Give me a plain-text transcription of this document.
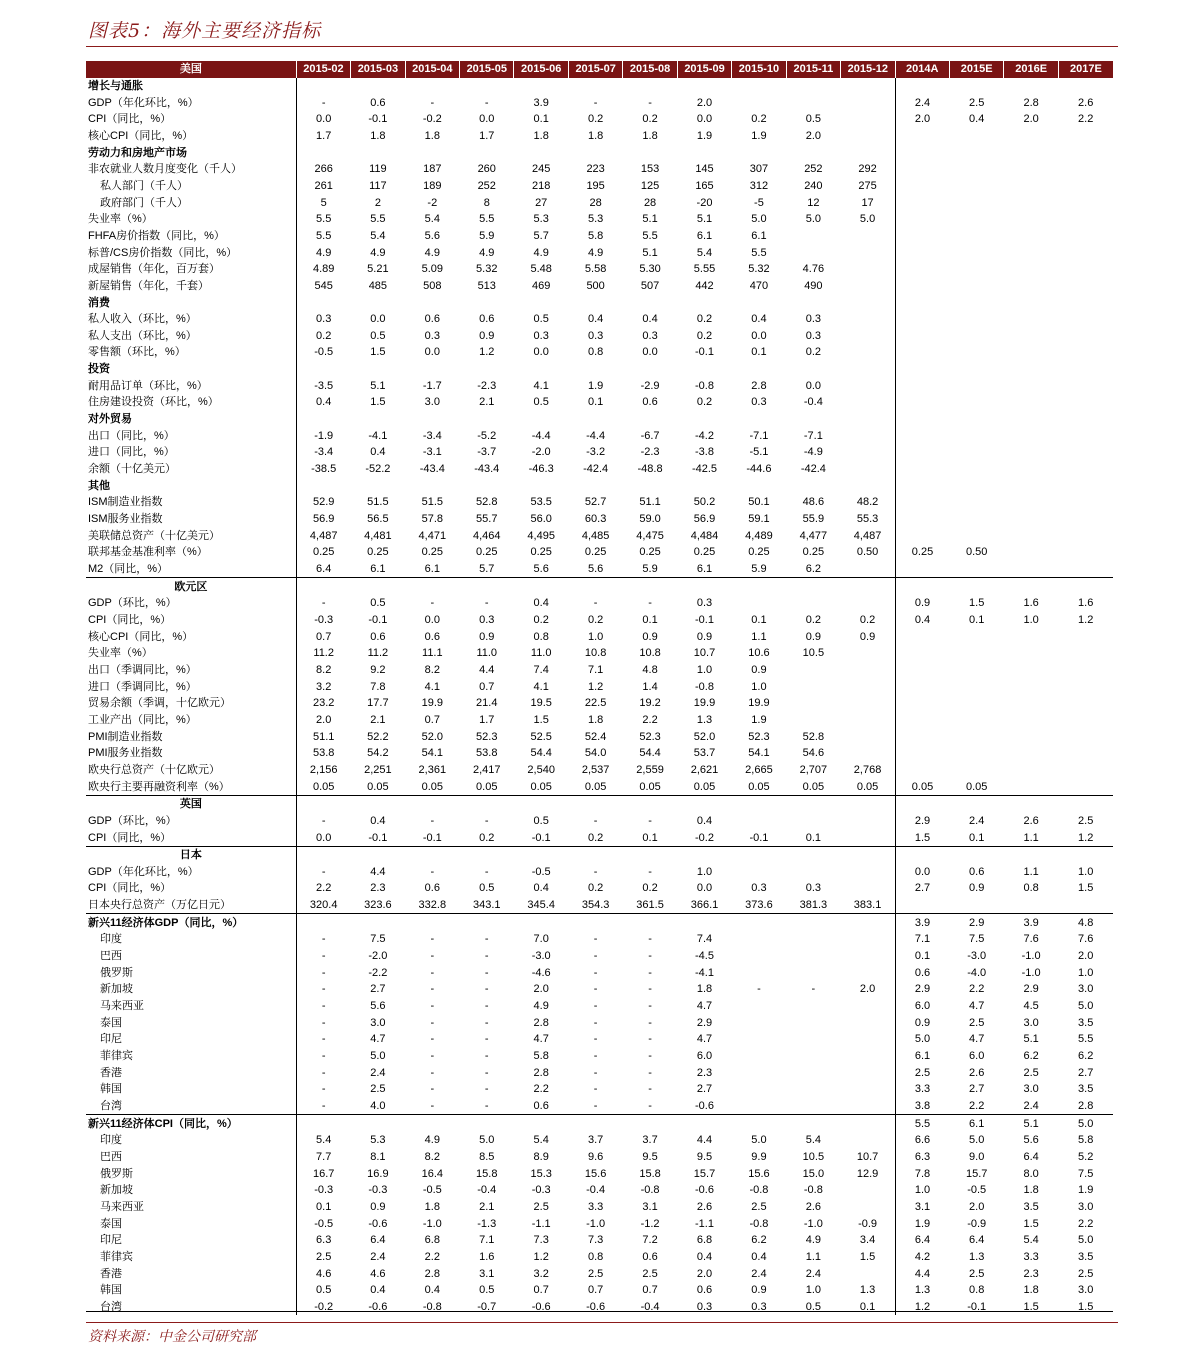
图表5：海外主要经济指标
美国	2015-02	2015-03	2015-04	2015-05	2015-06	2015-07	2015-08	2015-09	2015-10	2015-11	2015-12	2014A	2015E	2016E	2017E
增长与通胀															
GDP（年化环比，%）	-	0.6	-	-	3.9	-	-	2.0				2.4	2.5	2.8	2.6
CPI（同比，%）	0.0	-0.1	-0.2	0.0	0.1	0.2	0.2	0.0	0.2	0.5		2.0	0.4	2.0	2.2
核心CPI（同比，%）	1.7	1.8	1.8	1.7	1.8	1.8	1.8	1.9	1.9	2.0					
劳动力和房地产市场															
非农就业人数月度变化（千人）	266	119	187	260	245	223	153	145	307	252	292				
私人部门（千人）	261	117	189	252	218	195	125	165	312	240	275				
政府部门（千人）	5	2	-2	8	27	28	28	-20	-5	12	17				
失业率（%）	5.5	5.5	5.4	5.5	5.3	5.3	5.1	5.1	5.0	5.0	5.0				
FHFA房价指数（同比，%）	5.5	5.4	5.6	5.9	5.7	5.8	5.5	6.1	6.1						
标普/CS房价指数（同比，%）	4.9	4.9	4.9	4.9	4.9	4.9	5.1	5.4	5.5						
成屋销售（年化，百万套）	4.89	5.21	5.09	5.32	5.48	5.58	5.30	5.55	5.32	4.76					
新屋销售（年化，千套）	545	485	508	513	469	500	507	442	470	490					
消费															
私人收入（环比，%）	0.3	0.0	0.6	0.6	0.5	0.4	0.4	0.2	0.4	0.3					
私人支出（环比，%）	0.2	0.5	0.3	0.9	0.3	0.3	0.3	0.2	0.0	0.3					
零售额（环比，%）	-0.5	1.5	0.0	1.2	0.0	0.8	0.0	-0.1	0.1	0.2					
投资															
耐用品订单（环比，%）	-3.5	5.1	-1.7	-2.3	4.1	1.9	-2.9	-0.8	2.8	0.0					
住房建设投资（环比，%）	0.4	1.5	3.0	2.1	0.5	0.1	0.6	0.2	0.3	-0.4					
对外贸易															
出口（同比，%）	-1.9	-4.1	-3.4	-5.2	-4.4	-4.4	-6.7	-4.2	-7.1	-7.1					
进口（同比，%）	-3.4	0.4	-3.1	-3.7	-2.0	-3.2	-2.3	-3.8	-5.1	-4.9					
余额（十亿美元）	-38.5	-52.2	-43.4	-43.4	-46.3	-42.4	-48.8	-42.5	-44.6	-42.4					
其他															
ISM制造业指数	52.9	51.5	51.5	52.8	53.5	52.7	51.1	50.2	50.1	48.6	48.2				
ISM服务业指数	56.9	56.5	57.8	55.7	56.0	60.3	59.0	56.9	59.1	55.9	55.3				
美联储总资产（十亿美元）	4,487	4,481	4,471	4,464	4,495	4,485	4,475	4,484	4,489	4,477	4,487				
联邦基金基准利率（%）	0.25	0.25	0.25	0.25	0.25	0.25	0.25	0.25	0.25	0.25	0.50	0.25	0.50		
M2（同比，%）	6.4	6.1	6.1	5.7	5.6	5.6	5.9	6.1	5.9	6.2					
欧元区															
GDP（环比，%）	-	0.5	-	-	0.4	-	-	0.3				0.9	1.5	1.6	1.6
CPI（同比，%）	-0.3	-0.1	0.0	0.3	0.2	0.2	0.1	-0.1	0.1	0.2	0.2	0.4	0.1	1.0	1.2
核心CPI（同比，%）	0.7	0.6	0.6	0.9	0.8	1.0	0.9	0.9	1.1	0.9	0.9				
失业率（%）	11.2	11.2	11.1	11.0	11.0	10.8	10.8	10.7	10.6	10.5					
出口（季调同比，%）	8.2	9.2	8.2	4.4	7.4	7.1	4.8	1.0	0.9						
进口（季调同比，%）	3.2	7.8	4.1	0.7	4.1	1.2	1.4	-0.8	1.0						
贸易余额（季调，十亿欧元）	23.2	17.7	19.9	21.4	19.5	22.5	19.2	19.9	19.9						
工业产出（同比，%）	2.0	2.1	0.7	1.7	1.5	1.8	2.2	1.3	1.9						
PMI制造业指数	51.1	52.2	52.0	52.3	52.5	52.4	52.3	52.0	52.3	52.8					
PMI服务业指数	53.8	54.2	54.1	53.8	54.4	54.0	54.4	53.7	54.1	54.6					
欧央行总资产（十亿欧元）	2,156	2,251	2,361	2,417	2,540	2,537	2,559	2,621	2,665	2,707	2,768				
欧央行主要再融资利率（%）	0.05	0.05	0.05	0.05	0.05	0.05	0.05	0.05	0.05	0.05	0.05	0.05	0.05		
英国															
GDP（环比，%）	-	0.4	-	-	0.5	-	-	0.4				2.9	2.4	2.6	2.5
CPI（同比，%）	0.0	-0.1	-0.1	0.2	-0.1	0.2	0.1	-0.2	-0.1	0.1		1.5	0.1	1.1	1.2
日本															
GDP（年化环比，%）	-	4.4	-	-	-0.5	-	-	1.0				0.0	0.6	1.1	1.0
CPI（同比，%）	2.2	2.3	0.6	0.5	0.4	0.2	0.2	0.0	0.3	0.3		2.7	0.9	0.8	1.5
日本央行总资产（万亿日元）	320.4	323.6	332.8	343.1	345.4	354.3	361.5	366.1	373.6	381.3	383.1				
新兴11经济体GDP（同比，%）												3.9	2.9	3.9	4.8
印度	-	7.5	-	-	7.0	-	-	7.4				7.1	7.5	7.6	7.6
巴西	-	-2.0	-	-	-3.0	-	-	-4.5				0.1	-3.0	-1.0	2.0
俄罗斯	-	-2.2	-	-	-4.6	-	-	-4.1				0.6	-4.0	-1.0	1.0
新加坡	-	2.7	-	-	2.0	-	-	1.8	-	-	2.0	2.9	2.2	2.9	3.0
马来西亚	-	5.6	-	-	4.9	-	-	4.7				6.0	4.7	4.5	5.0
泰国	-	3.0	-	-	2.8	-	-	2.9				0.9	2.5	3.0	3.5
印尼	-	4.7	-	-	4.7	-	-	4.7				5.0	4.7	5.1	5.5
菲律宾	-	5.0	-	-	5.8	-	-	6.0				6.1	6.0	6.2	6.2
香港	-	2.4	-	-	2.8	-	-	2.3				2.5	2.6	2.5	2.7
韩国	-	2.5	-	-	2.2	-	-	2.7				3.3	2.7	3.0	3.5
台湾	-	4.0	-	-	0.6	-	-	-0.6				3.8	2.2	2.4	2.8
新兴11经济体CPI（同比，%）												5.5	6.1	5.1	5.0
印度	5.4	5.3	4.9	5.0	5.4	3.7	3.7	4.4	5.0	5.4		6.6	5.0	5.6	5.8
巴西	7.7	8.1	8.2	8.5	8.9	9.6	9.5	9.5	9.9	10.5	10.7	6.3	9.0	6.4	5.2
俄罗斯	16.7	16.9	16.4	15.8	15.3	15.6	15.8	15.7	15.6	15.0	12.9	7.8	15.7	8.0	7.5
新加坡	-0.3	-0.3	-0.5	-0.4	-0.3	-0.4	-0.8	-0.6	-0.8	-0.8		1.0	-0.5	1.8	1.9
马来西亚	0.1	0.9	1.8	2.1	2.5	3.3	3.1	2.6	2.5	2.6		3.1	2.0	3.5	3.0
泰国	-0.5	-0.6	-1.0	-1.3	-1.1	-1.0	-1.2	-1.1	-0.8	-1.0	-0.9	1.9	-0.9	1.5	2.2
印尼	6.3	6.4	6.8	7.1	7.3	7.3	7.2	6.8	6.2	4.9	3.4	6.4	6.4	5.4	5.0
菲律宾	2.5	2.4	2.2	1.6	1.2	0.8	0.6	0.4	0.4	1.1	1.5	4.2	1.3	3.3	3.5
香港	4.6	4.6	2.8	3.1	3.2	2.5	2.5	2.0	2.4	2.4		4.4	2.5	2.3	2.5
韩国	0.5	0.4	0.4	0.5	0.7	0.7	0.7	0.6	0.9	1.0	1.3	1.3	0.8	1.8	3.0
台湾	-0.2	-0.6	-0.8	-0.7	-0.6	-0.6	-0.4	0.3	0.3	0.5	0.1	1.2	-0.1	1.5	1.5
资料来源：中金公司研究部
